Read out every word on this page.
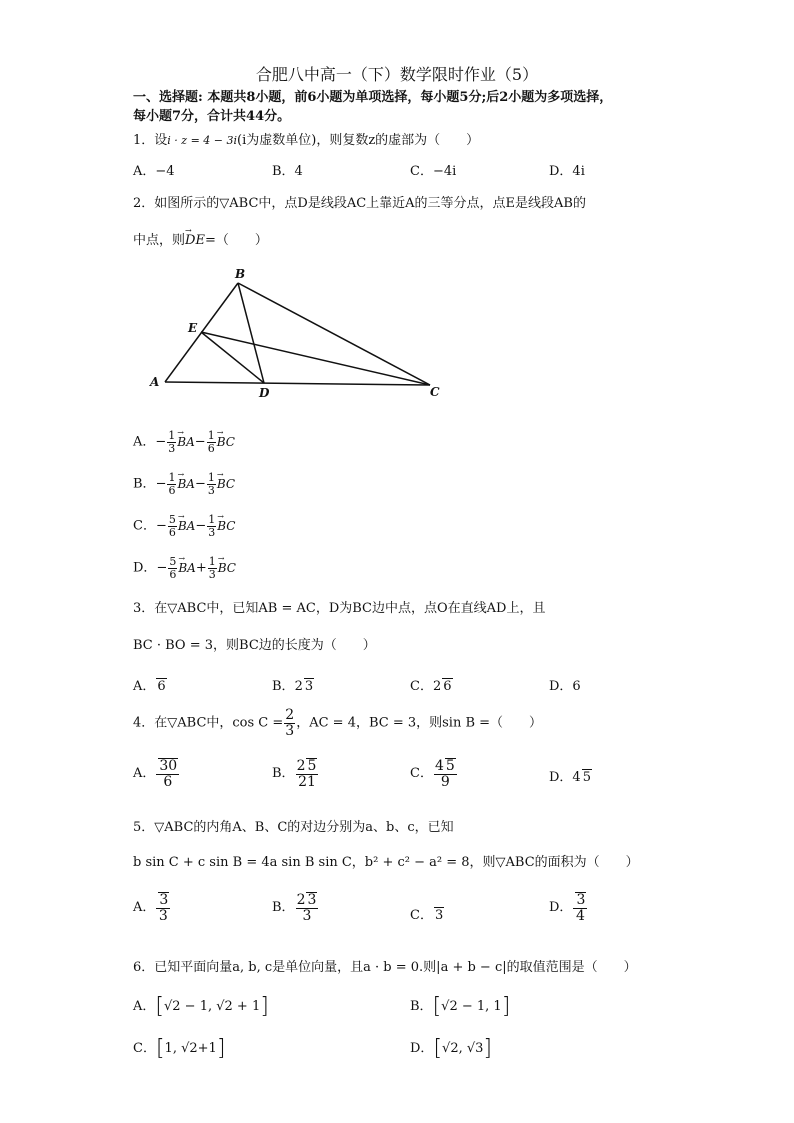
合肥八中高一（下）数学限时作业（5）
一、选择题: 本题共8小题，前6小题为单项选择，每小题5分;后2小题为多项选择，
每小题7分，合计共44分。
1．设i · z = 4 − 3i(i为虚数单位)，则复数z的虚部为（　　）
A．−4	B．4	C．−4i	D．4i
2．如图所示的▽ABC中，点D是线段AC上靠近A的三等分点，点E是线段AB的
中点，则→ DE=（　　）
A
B
C
D
E
A．− $\frac{1}{3}$
→ $BA- \frac{1}{6}$
→ BC
B．− $\frac{1}{6}$
→ $BA- \frac{1}{3}$
→ BC
C．− $\frac{5}{6}$
→ $BA- \frac{1}{3}$
→ BC
D．− $\frac{5}{6}$
→ $BA+ \frac{1}{3}$
→ BC
3．在▽ABC中，已知AB = AC，D为BC边中点，点O在直线AD上，且
BC · BO = 3，则BC边的长度为（　　）
A． 6	B．2 3	C．2 6	D．6
4．在▽ABC中，$\cos C = \frac{2}{3}$ ，AC = 4，BC = 3，则sin B =（　　）
A． $\frac{30}{6}$	B． $\frac{2 5}{21}$	C． $\frac{4 5}{9}$	D．4 5
5．▽ABC的内角A、B、C的对边分别为a、b、c，已知
b sin C + c sin B = 4a sin B sin C，b² + c² − a² = 8，则▽ABC的面积为（　　）
A． $\frac{3}{3}$	B． $\frac{2 3}{3}$	C． 3
D． $\frac{3}{4}$
6．已知平面向量a, b, c是单位向量，且a · b = 0.则|a + b − c|的取值范围是（　　）
A．[√2 − 1, √2 + 1]	B．[√2 − 1, 1]
C．[1, √2+1]	D．[√2, √3]
